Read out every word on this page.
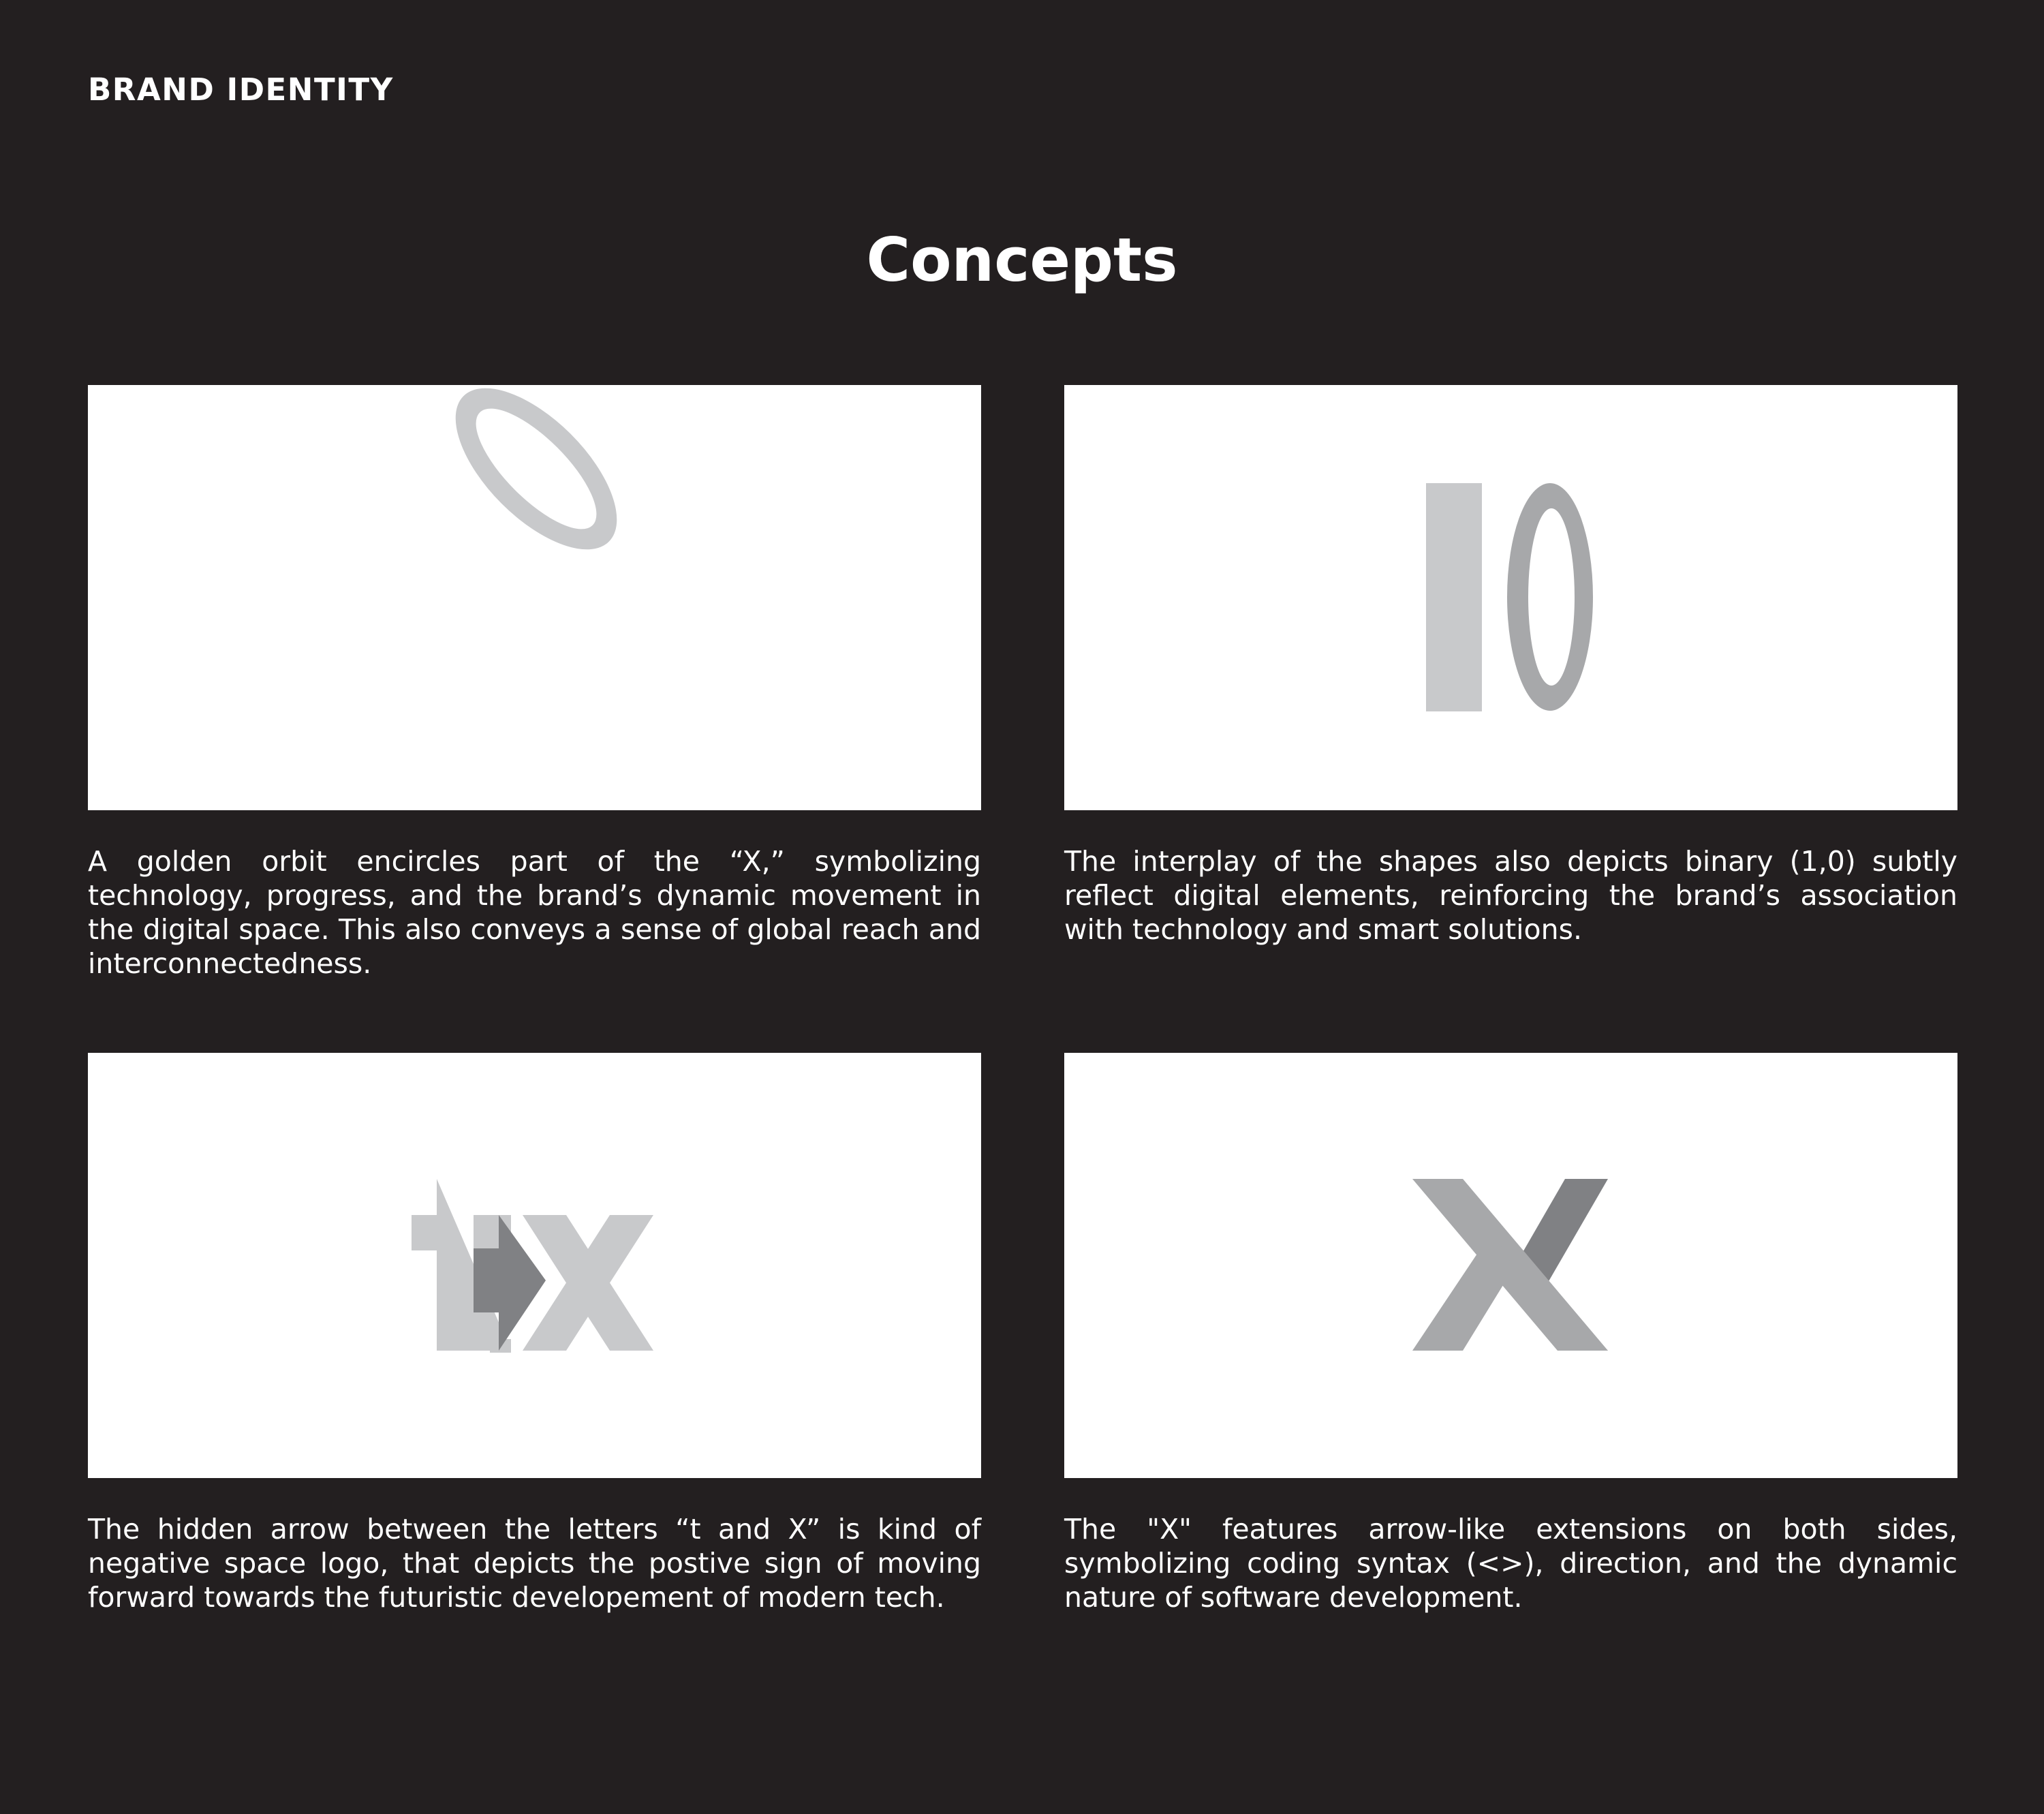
BRAND IDENTITY
Concepts

A golden orbit encircles part of the “X,” symbolizing technology, progress, and the brand’s dynamic movement in the digital space. This also conveys a sense of global reach and interconnectedness.

The interplay of the shapes also depicts binary (1,0) subtly reflect digital elements, reinforcing the brand’s association with technology and smart solutions.

The hidden arrow between the letters “t and X” is kind of negative space logo, that depicts the postive sign of moving forward towards the futuristic developement of modern tech.

The "X" features arrow-like extensions on both sides, symbolizing coding syntax (<>), direction, and the dynamic nature of software development.
